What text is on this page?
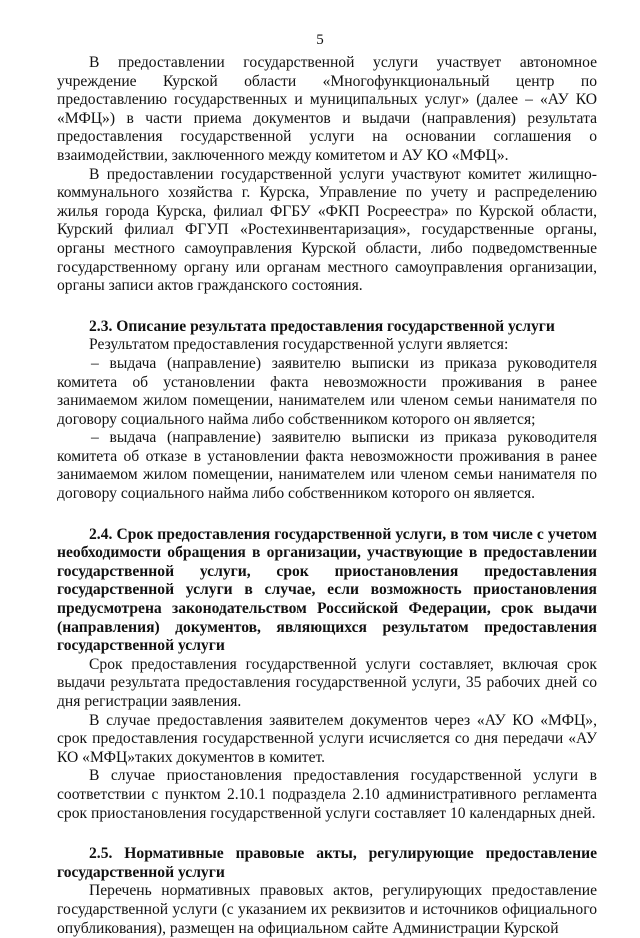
5

В предоставлении государственной услуги участвует автономное учреждение Курской области «Многофункциональный центр по предоставлению государственных и муниципальных услуг» (далее – «АУ КО «МФЦ») в части приема документов и выдачи (направления) результата предоставления государственной услуги на основании соглашения о взаимодействии, заключенного между комитетом и АУ КО «МФЦ».

В предоставлении государственной услуги участвуют комитет жилищно-коммунального хозяйства г. Курска, Управление по учету и распределению жилья города Курска, филиал ФГБУ «ФКП Росреестра» по Курской области, Курский филиал ФГУП «Ростехинвентаризация», государственные органы, органы местного самоуправления Курской области, либо подведомственные государственному органу или органам местного самоуправления организации, органы записи актов гражданского состояния.

2.3. Описание результата предоставления государственной услуги

Результатом предоставления государственной услуги является:

– выдача (направление) заявителю выписки из приказа руководителя комитета об установлении факта невозможности проживания в ранее занимаемом жилом помещении, нанимателем или членом семьи нанимателя по договору социального найма либо собственником которого он является;

– выдача (направление) заявителю выписки из приказа руководителя комитета об отказе в установлении факта невозможности проживания в ранее занимаемом жилом помещении, нанимателем или членом семьи нанимателя по договору социального найма либо собственником которого он является.

2.4. Срок предоставления государственной услуги, в том числе с учетом необходимости обращения в организации, участвующие в предоставлении государственной услуги, срок приостановления предоставления государственной услуги в случае, если возможность приостановления предусмотрена законодательством Российской Федерации, срок выдачи (направления) документов, являющихся результатом предоставления государственной услуги

Срок предоставления государственной услуги составляет, включая срок выдачи результата предоставления государственной услуги, 35 рабочих дней со дня регистрации заявления.

В случае предоставления заявителем документов через «АУ КО «МФЦ», срок предоставления государственной услуги исчисляется со дня передачи «АУ КО «МФЦ»таких документов в комитет.

В случае приостановления предоставления государственной услуги в соответствии с пунктом 2.10.1 подраздела 2.10 административного регламента срок приостановления государственной услуги составляет 10 календарных дней.

2.5. Нормативные правовые акты, регулирующие предоставление государственной услуги

Перечень нормативных правовых актов, регулирующих предоставление государственной услуги (с указанием их реквизитов и источников официального опубликования), размещен на официальном сайте Администрации Курской
